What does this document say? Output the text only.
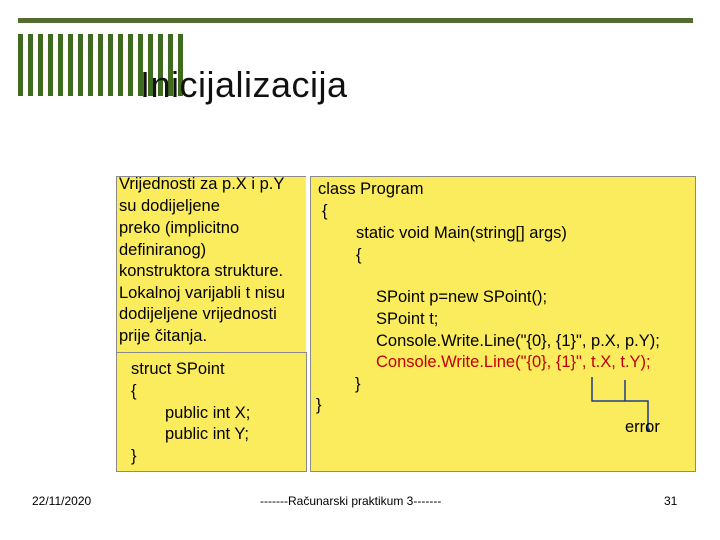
Inicijalizacija
Vrijednosti za p.X i p.Y
su dodijeljene
preko (implicitno
definiranog)
konstruktora strukture.
Lokalnoj varijabli t nisu
dodijeljene vrijednosti
prije čitanja.
struct SPoint
{
public int X;
public int Y;
}
class Program
{
static void Main(string[] args)
{
SPoint p=new SPoint();
SPoint t;
Console.Write.Line("{0}, {1}", p.X, p.Y);
Console.Write.Line("{0}, {1}", t.X, t.Y);
}
}
error
22/11/2020	-------Računarski praktikum 3-------	31
